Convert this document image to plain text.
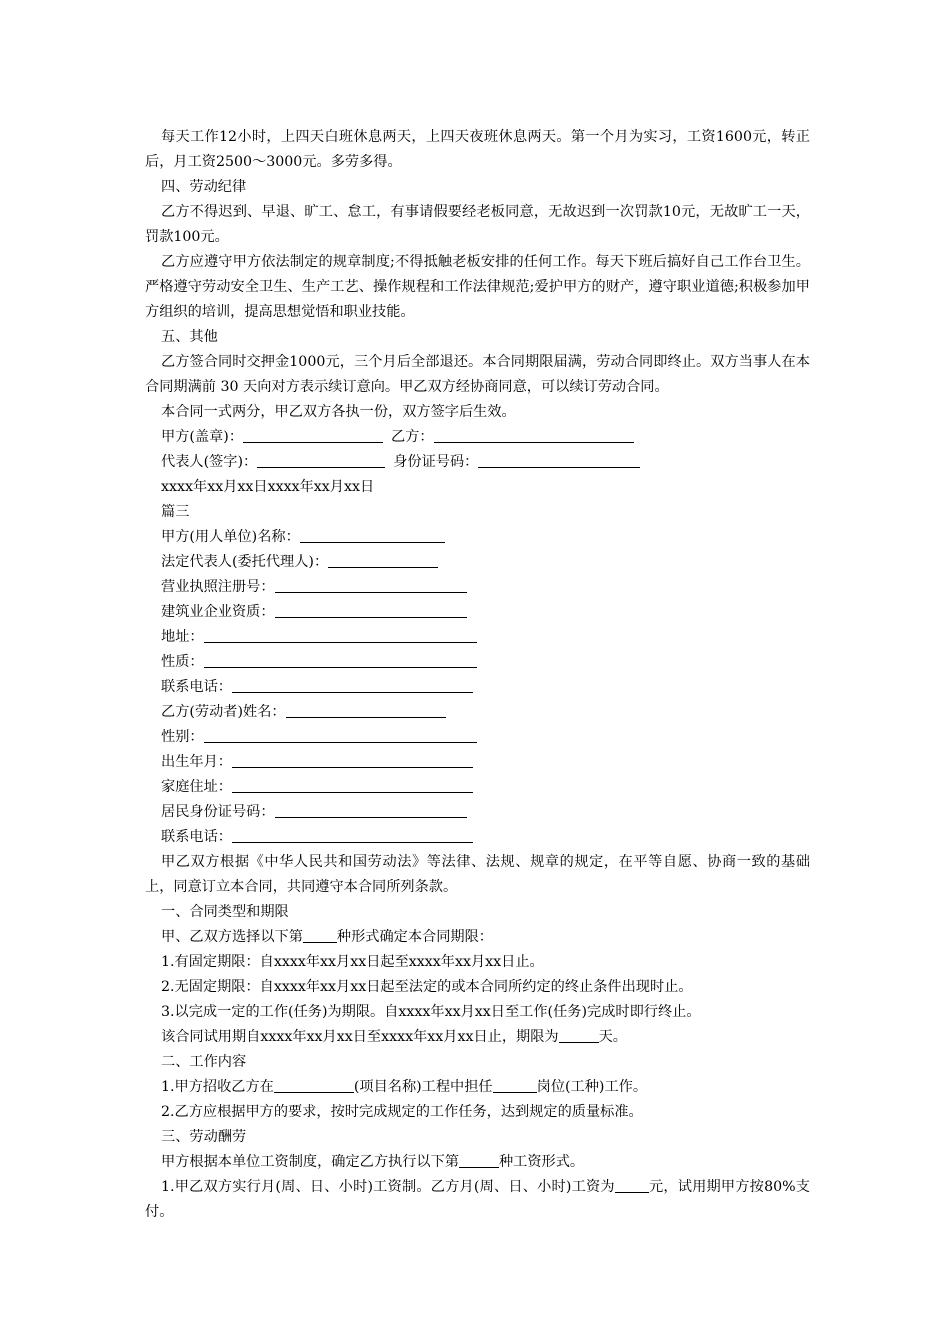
每天工作12小时，上四天白班休息两天，上四天夜班休息两天。第一个月为实习，工资1600元，转正后，月工资2500～3000元。多劳多得。

四、劳动纪律

乙方不得迟到、早退、旷工、怠工，有事请假要经老板同意，无故迟到一次罚款10元，无故旷工一天，罚款100元。

乙方应遵守甲方依法制定的规章制度;不得抵触老板安排的任何工作。每天下班后搞好自己工作台卫生。严格遵守劳动安全卫生、生产工艺、操作规程和工作法律规范;爱护甲方的财产，遵守职业道德;积极参加甲方组织的培训，提高思想觉悟和职业技能。

五、其他

乙方签合同时交押金1000元，三个月后全部退还。本合同期限届满，劳动合同即终止。双方当事人在本合同期满前 30 天向对方表示续订意向。甲乙双方经协商同意，可以续订劳动合同。

本合同一式两分，甲乙双方各执一份，双方签字后生效。

甲方(盖章)：	乙方：

代表人(签字)：	身份证号码：

xxxx年xx月xx日xxxx年xx月xx日

篇三

甲方(用人单位)名称：

法定代表人(委托代理人)：

营业执照注册号：

建筑业企业资质：

地址：

性质：

联系电话：

乙方(劳动者)姓名：

性别：

出生年月：

家庭住址：

居民身份证号码：

联系电话：

甲乙双方根据《中华人民共和国劳动法》等法律、法规、规章的规定，在平等自愿、协商一致的基础上，同意订立本合同，共同遵守本合同所列条款。

一、合同类型和期限

甲、乙双方选择以下第 种形式确定本合同期限：

1.有固定期限：自xxxx年xx月xx日起至xxxx年xx月xx日止。

2.无固定期限：自xxxx年xx月xx日起至法定的或本合同所约定的终止条件出现时止。

3.以完成一定的工作(任务)为期限。自xxxx年xx月xx日至工作(任务)完成时即行终止。

该合同试用期自xxxx年xx月xx日至xxxx年xx月xx日止，期限为	天。

二、工作内容

1.甲方招收乙方在	(项目名称)工程中担任	岗位(工种)工作。

2.乙方应根据甲方的要求，按时完成规定的工作任务，达到规定的质量标准。

三、劳动酬劳

甲方根据本单位工资制度，确定乙方执行以下第	种工资形式。

1.甲乙双方实行月(周、日、小时)工资制。乙方月(周、日、小时)工资为 元，试用期甲方按80%支付。
